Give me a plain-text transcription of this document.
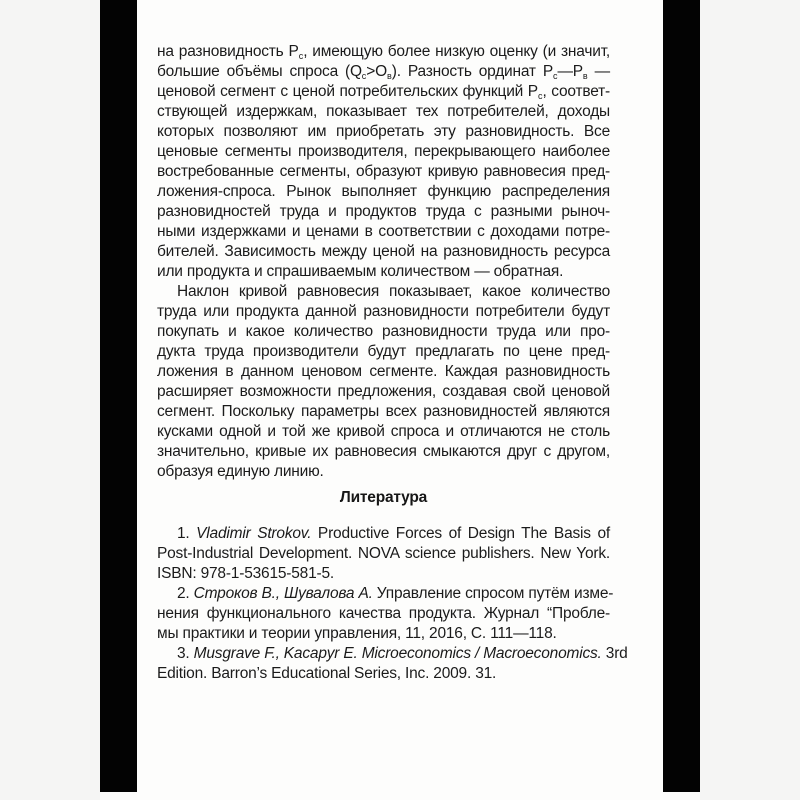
на разновидность $P_с$, имеющую более низкую оценку (и значит,
большие объёмы спроса $(Q_с>O_в)$. Разность ординат $P_с—P_в$ —
ценовой сегмент с ценой потребительских функций $P_с$, соответ-
ствующей издержкам, показывает тех потребителей, доходы
которых позволяют им приобретать эту разновидность. Все
ценовые сегменты производителя, перекрывающего наиболее
востребованные сегменты, образуют кривую равновесия пред-
ложения-спроса. Рынок выполняет функцию распределения
разновидностей труда и продуктов труда с разными рыноч-
ными издержками и ценами в соответствии с доходами потре-
бителей. Зависимость между ценой на разновидность ресурса
или продукта и спрашиваемым количеством — обратная.
Наклон кривой равновесия показывает, какое количество
труда или продукта данной разновидности потребители будут
покупать и какое количество разновидности труда или про-
дукта труда производители будут предлагать по цене пред-
ложения в данном ценовом сегменте. Каждая разновидность
расширяет возможности предложения, создавая свой ценовой
сегмент. Поскольку параметры всех разновидностей являются
кусками одной и той же кривой спроса и отличаются не столь
значительно, кривые их равновесия смыкаются друг с другом,
образуя единую линию.
Литература
1. Vladimir Strokov. Productive Forces of Design The Basis of
Post-Industrial Development. NOVA science publishers. New York.
ISBN: 978-1-53615-581-5.
2. Строков В., Шувалова А. Управление спросом путём изме-
нения функционального качества продукта. Журнал “Пробле-
мы практики и теории управления, 11, 2016, С. 111—118.
3. Musgrave F., Kacapyr E. Microeconomics / Macroeconomics. 3rd
Edition. Barron’s Educational Series, Inc. 2009. 31.
